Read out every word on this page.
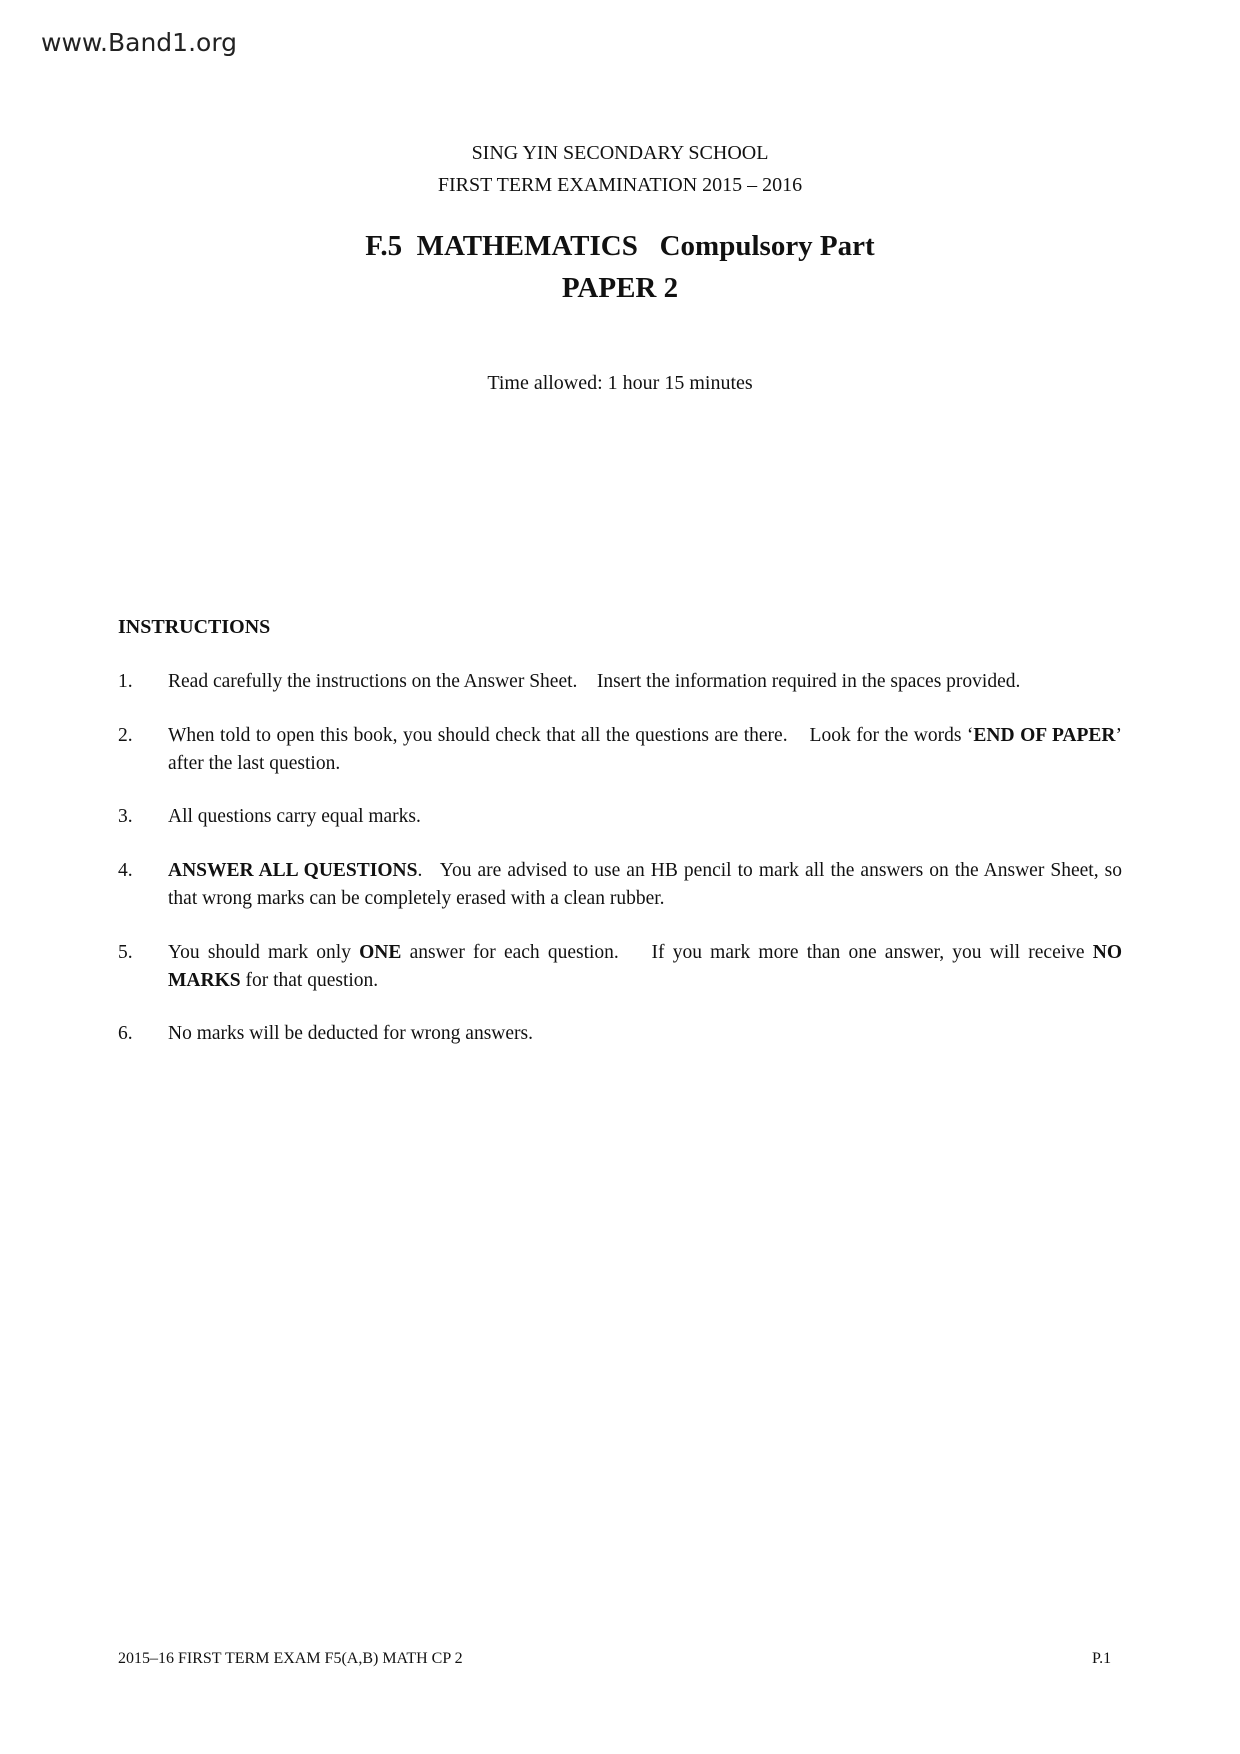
www.Band1.org
SING YIN SECONDARY SCHOOL
FIRST TERM EXAMINATION 2015 – 2016
F.5  MATHEMATICS   Compulsory Part
PAPER 2
Time allowed: 1 hour 15 minutes
INSTRUCTIONS
1. Read carefully the instructions on the Answer Sheet.    Insert the information required in the spaces provided.
2. When told to open this book, you should check that all the questions are there.    Look for the words ‘END OF PAPER’ after the last question.
3. All questions carry equal marks.
4. ANSWER ALL QUESTIONS.   You are advised to use an HB pencil to mark all the answers on the Answer Sheet, so that wrong marks can be completely erased with a clean rubber.
5. You should mark only ONE answer for each question.    If you mark more than one answer, you will receive NO MARKS for that question.
6. No marks will be deducted for wrong answers.
2015–16 FIRST TERM EXAM F5(A,B) MATH CP 2	P.1
